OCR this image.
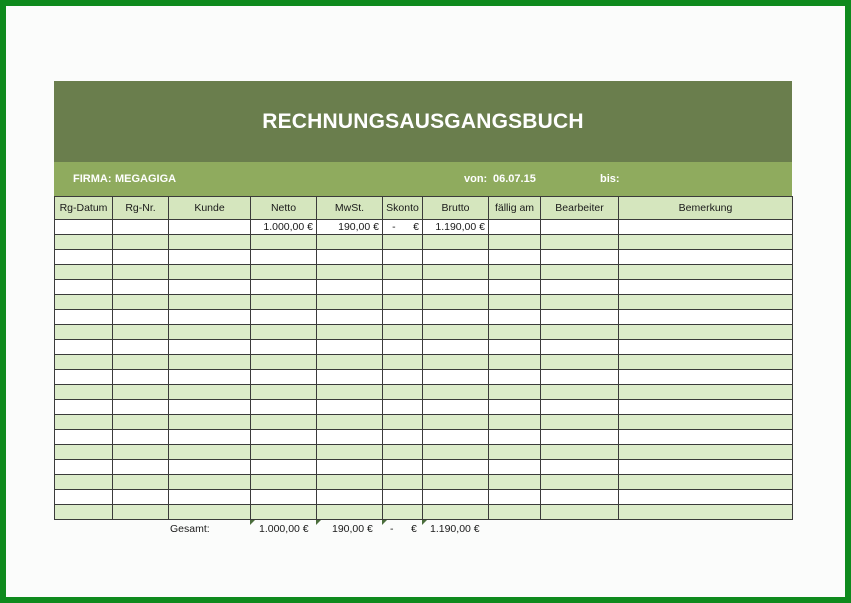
RECHNUNGSAUSGANGSBUCH
FIRMA: MEGAGIGA	von: 06.07.15	bis:
Rg-Datum	Rg-Nr.	Kunde	Netto	MwSt.	Skonto	Brutto	fällig am	Bearbeiter	Bemerkung
			1.000,00 €	190,00 €	-      €	1.190,00 €			

Gesamt:	1.000,00 € 190,00 € -      € 1.190,00 €
